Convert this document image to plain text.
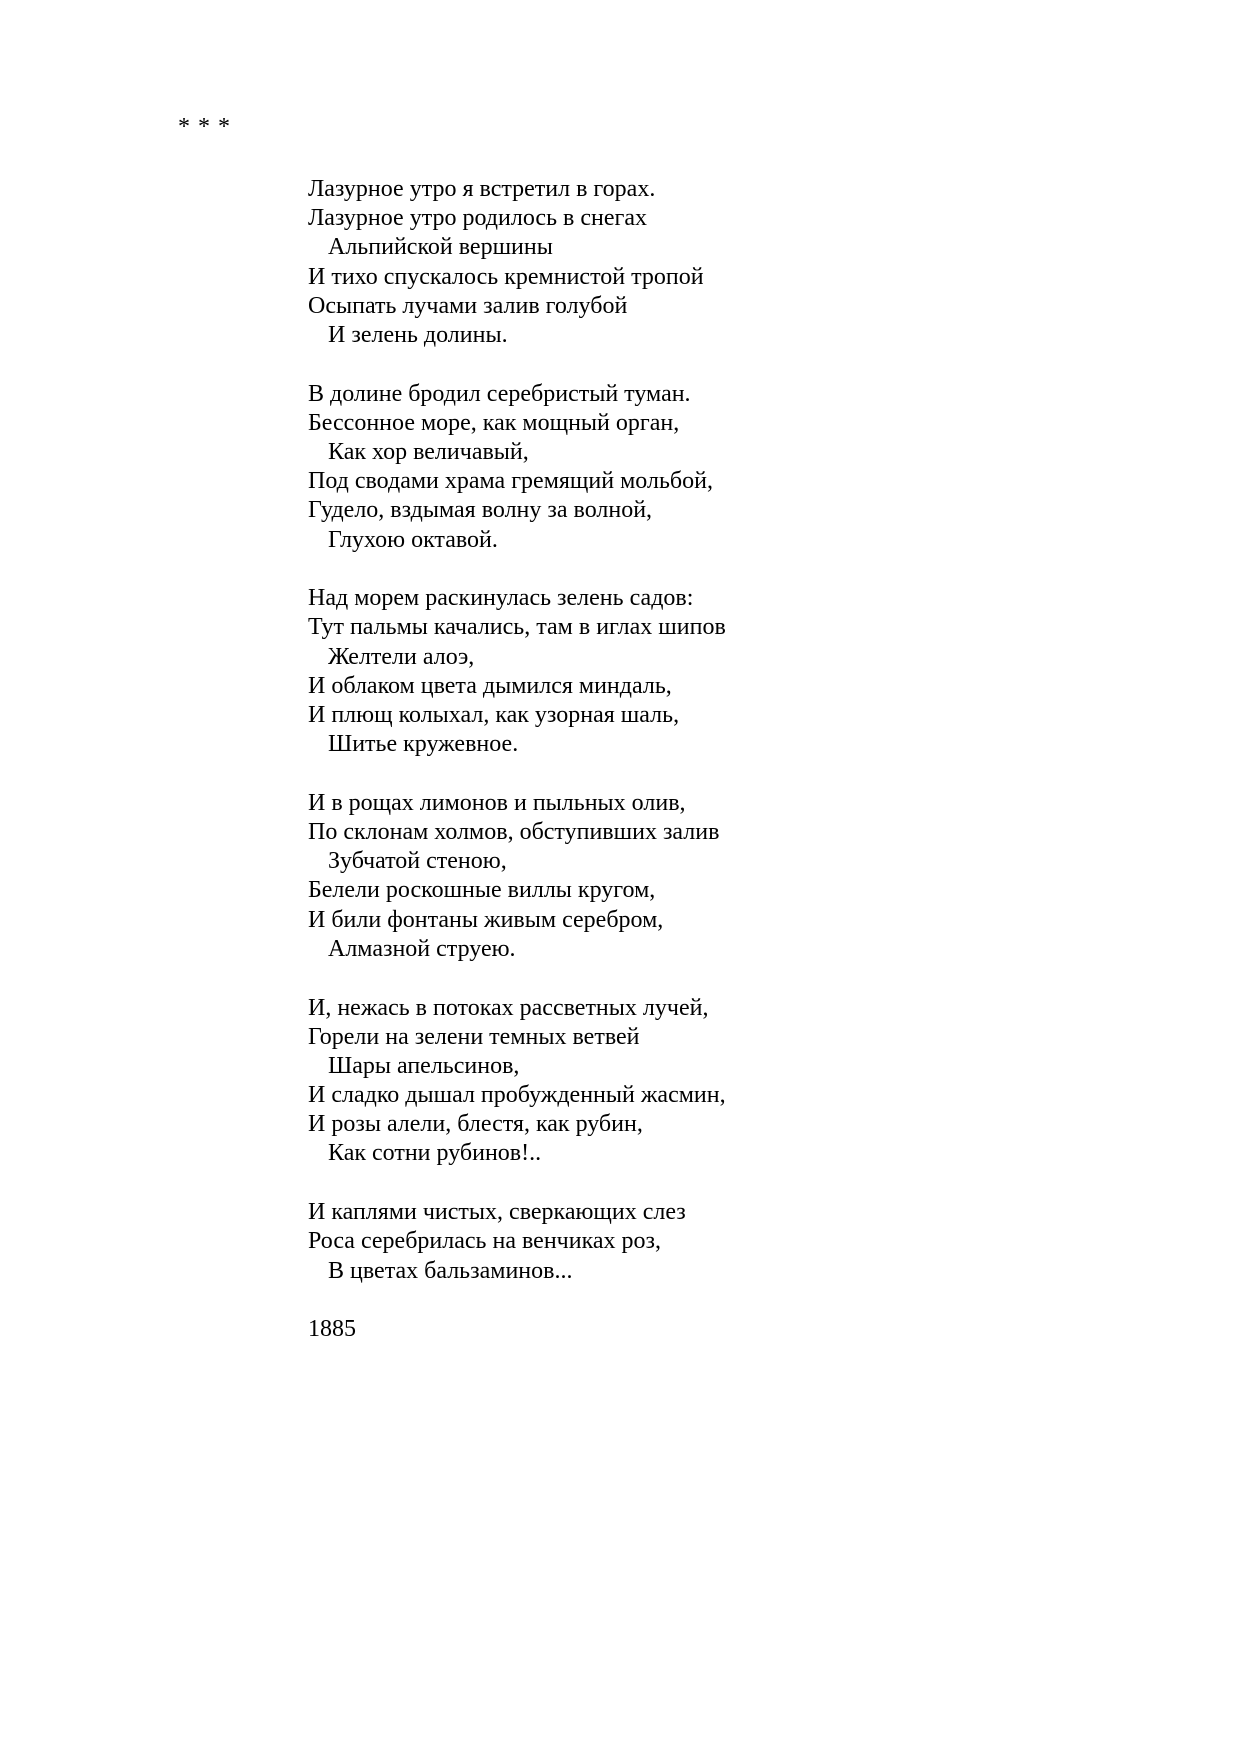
* * *
Лазурное утро я встретил в горах.
Лазурное утро родилось в снегах
Альпийской вершины
И тихо спускалось кремнистой тропой
Осыпать лучами залив голубой
И зелень долины.
В долине бродил серебристый туман.
Бессонное море, как мощный орган,
Как хор величавый,
Под сводами храма гремящий мольбой,
Гудело, вздымая волну за волной,
Глухою октавой.
Над морем раскинулась зелень садов:
Тут пальмы качались, там в иглах шипов
Желтели алоэ,
И облаком цвета дымился миндаль,
И плющ колыхал, как узорная шаль,
Шитье кружевное.
И в рощах лимонов и пыльных олив,
По склонам холмов, обступивших залив
Зубчатой стеною,
Белели роскошные виллы кругом,
И били фонтаны живым серебром,
Алмазной струею.
И, нежась в потоках рассветных лучей,
Горели на зелени темных ветвей
Шары апельсинов,
И сладко дышал пробужденный жасмин,
И розы алели, блестя, как рубин,
Как сотни рубинов!..
И каплями чистых, сверкающих слез
Роса серебрилась на венчиках роз,
В цветах бальзаминов...
1885
